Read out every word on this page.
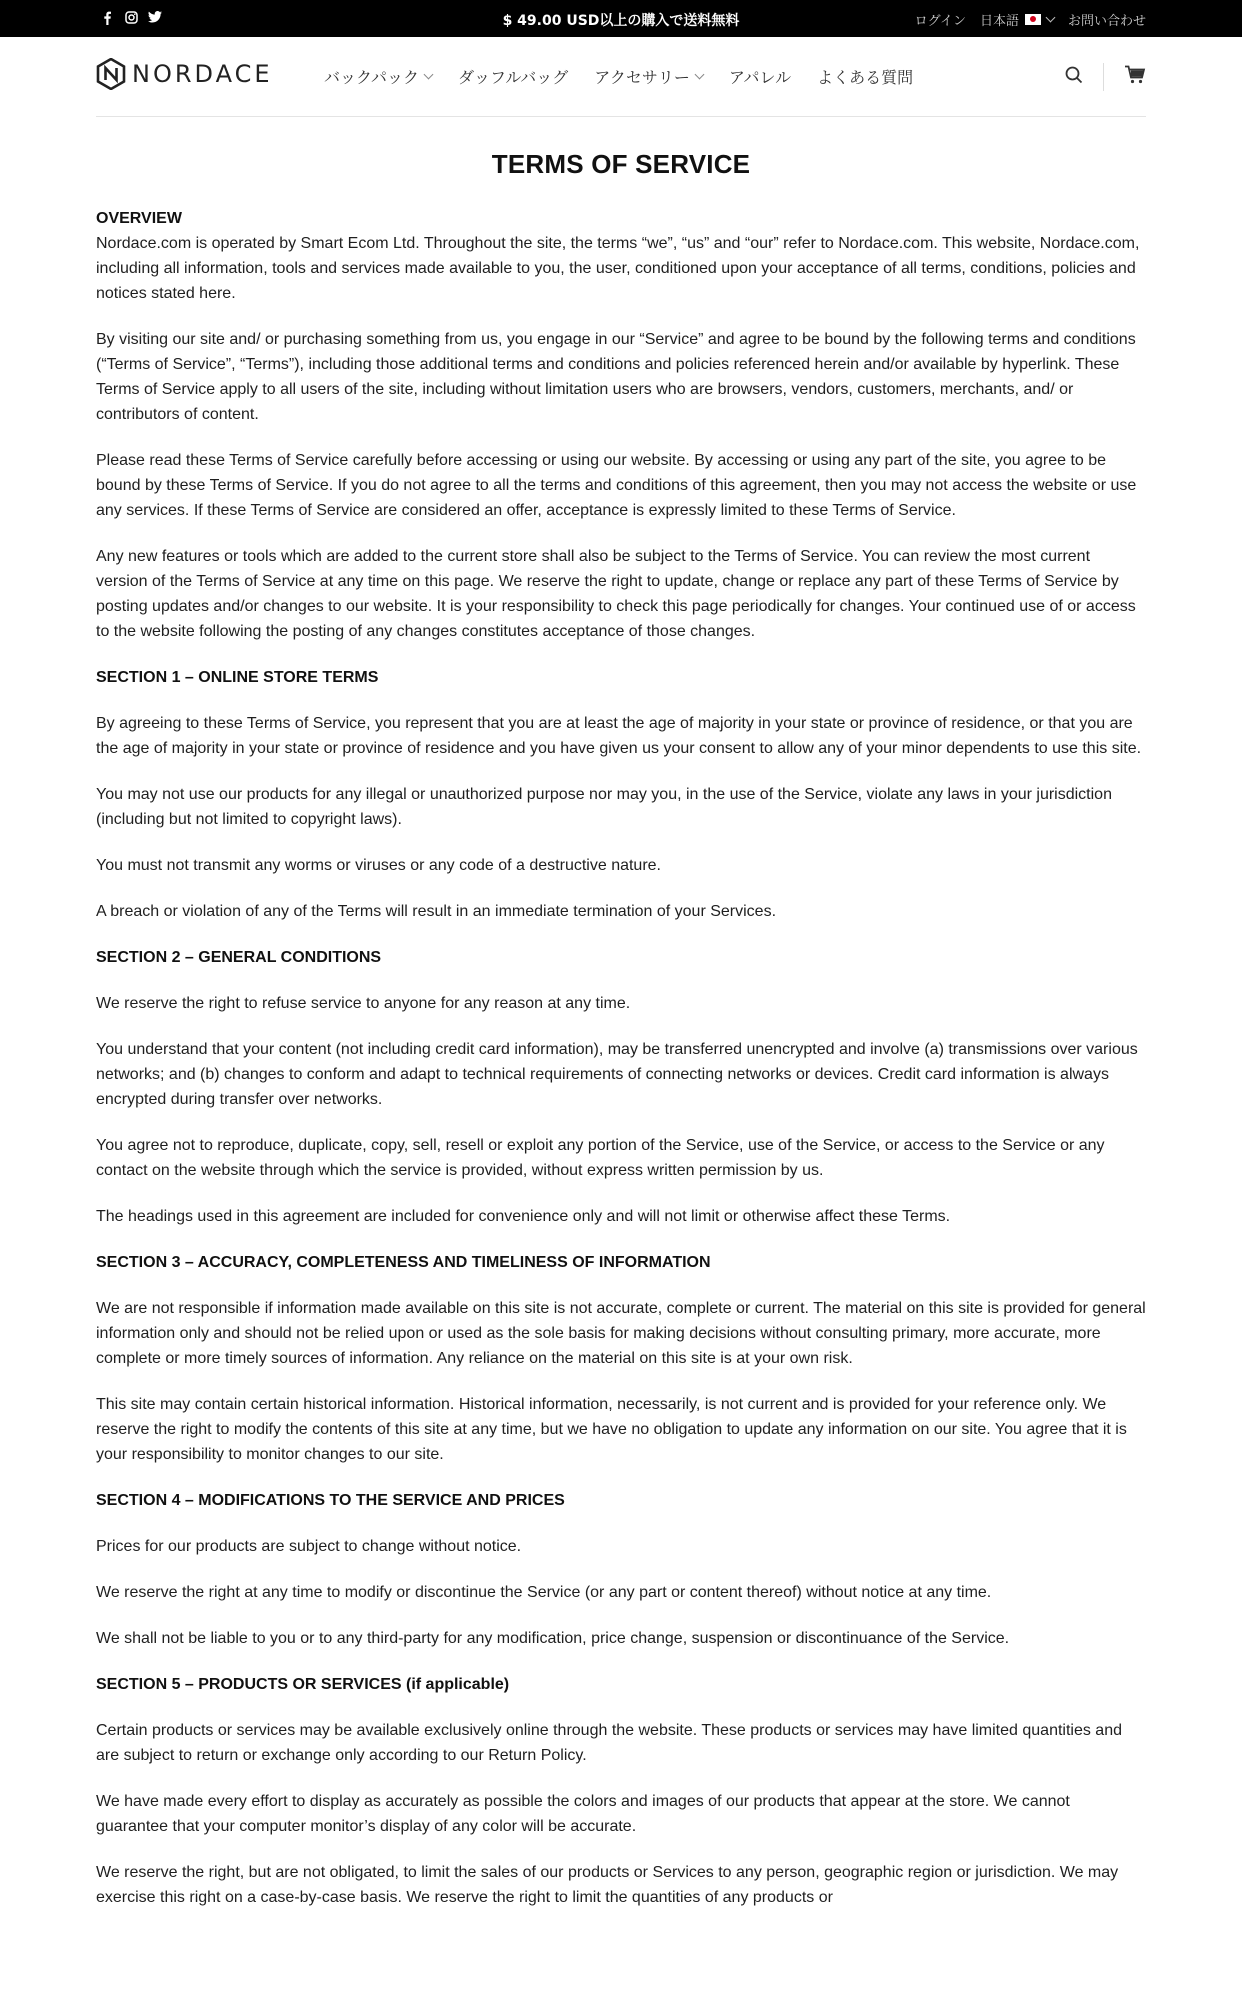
$ 49.00 USD以上の購入で送料無料	ログイン 日本語	お問い合わせ
NORDACE	バックパック ダッフルバッグ アクセサリー アパレル よくある質問
TERMS OF SERVICE
OVERVIEW

Nordace.com is operated by Smart Ecom Ltd. Throughout the site, the terms “we”, “us” and “our” refer to Nordace.com. This website, Nordace.com, including all information, tools and services made available to you, the user, conditioned upon your acceptance of all terms, conditions, policies and notices stated here.

By visiting our site and/ or purchasing something from us, you engage in our “Service” and agree to be bound by the following terms and conditions (“Terms of Service”, “Terms”), including those additional terms and conditions and policies referenced herein and/or available by hyperlink. These Terms of Service apply to all users of the site, including without limitation users who are browsers, vendors, customers, merchants, and/ or contributors of content.

Please read these Terms of Service carefully before accessing or using our website. By accessing or using any part of the site, you agree to be bound by these Terms of Service. If you do not agree to all the terms and conditions of this agreement, then you may not access the website or use any services. If these Terms of Service are considered an offer, acceptance is expressly limited to these Terms of Service.

Any new features or tools which are added to the current store shall also be subject to the Terms of Service. You can review the most current version of the Terms of Service at any time on this page. We reserve the right to update, change or replace any part of these Terms of Service by posting updates and/or changes to our website. It is your responsibility to check this page periodically for changes. Your continued use of or access to the website following the posting of any changes constitutes acceptance of those changes.

SECTION 1 – ONLINE STORE TERMS

By agreeing to these Terms of Service, you represent that you are at least the age of majority in your state or province of residence, or that you are the age of majority in your state or province of residence and you have given us your consent to allow any of your minor dependents to use this site.

You may not use our products for any illegal or unauthorized purpose nor may you, in the use of the Service, violate any laws in your jurisdiction (including but not limited to copyright laws).

You must not transmit any worms or viruses or any code of a destructive nature.

A breach or violation of any of the Terms will result in an immediate termination of your Services.

SECTION 2 – GENERAL CONDITIONS

We reserve the right to refuse service to anyone for any reason at any time.

You understand that your content (not including credit card information), may be transferred unencrypted and involve (a) transmissions over various networks; and (b) changes to conform and adapt to technical requirements of connecting networks or devices. Credit card information is always encrypted during transfer over networks.

You agree not to reproduce, duplicate, copy, sell, resell or exploit any portion of the Service, use of the Service, or access to the Service or any contact on the website through which the service is provided, without express written permission by us.

The headings used in this agreement are included for convenience only and will not limit or otherwise affect these Terms.

SECTION 3 – ACCURACY, COMPLETENESS AND TIMELINESS OF INFORMATION

We are not responsible if information made available on this site is not accurate, complete or current. The material on this site is provided for general information only and should not be relied upon or used as the sole basis for making decisions without consulting primary, more accurate, more complete or more timely sources of information. Any reliance on the material on this site is at your own risk.

This site may contain certain historical information. Historical information, necessarily, is not current and is provided for your reference only. We reserve the right to modify the contents of this site at any time, but we have no obligation to update any information on our site. You agree that it is your responsibility to monitor changes to our site.

SECTION 4 – MODIFICATIONS TO THE SERVICE AND PRICES

Prices for our products are subject to change without notice.

We reserve the right at any time to modify or discontinue the Service (or any part or content thereof) without notice at any time.

We shall not be liable to you or to any third-party for any modification, price change, suspension or discontinuance of the Service.

SECTION 5 – PRODUCTS OR SERVICES (if applicable)

Certain products or services may be available exclusively online through the website. These products or services may have limited quantities and are subject to return or exchange only according to our Return Policy.

We have made every effort to display as accurately as possible the colors and images of our products that appear at the store. We cannot guarantee that your computer monitor’s display of any color will be accurate.

We reserve the right, but are not obligated, to limit the sales of our products or Services to any person, geographic region or jurisdiction. We may exercise this right on a case-by-case basis. We reserve the right to limit the quantities of any products or
